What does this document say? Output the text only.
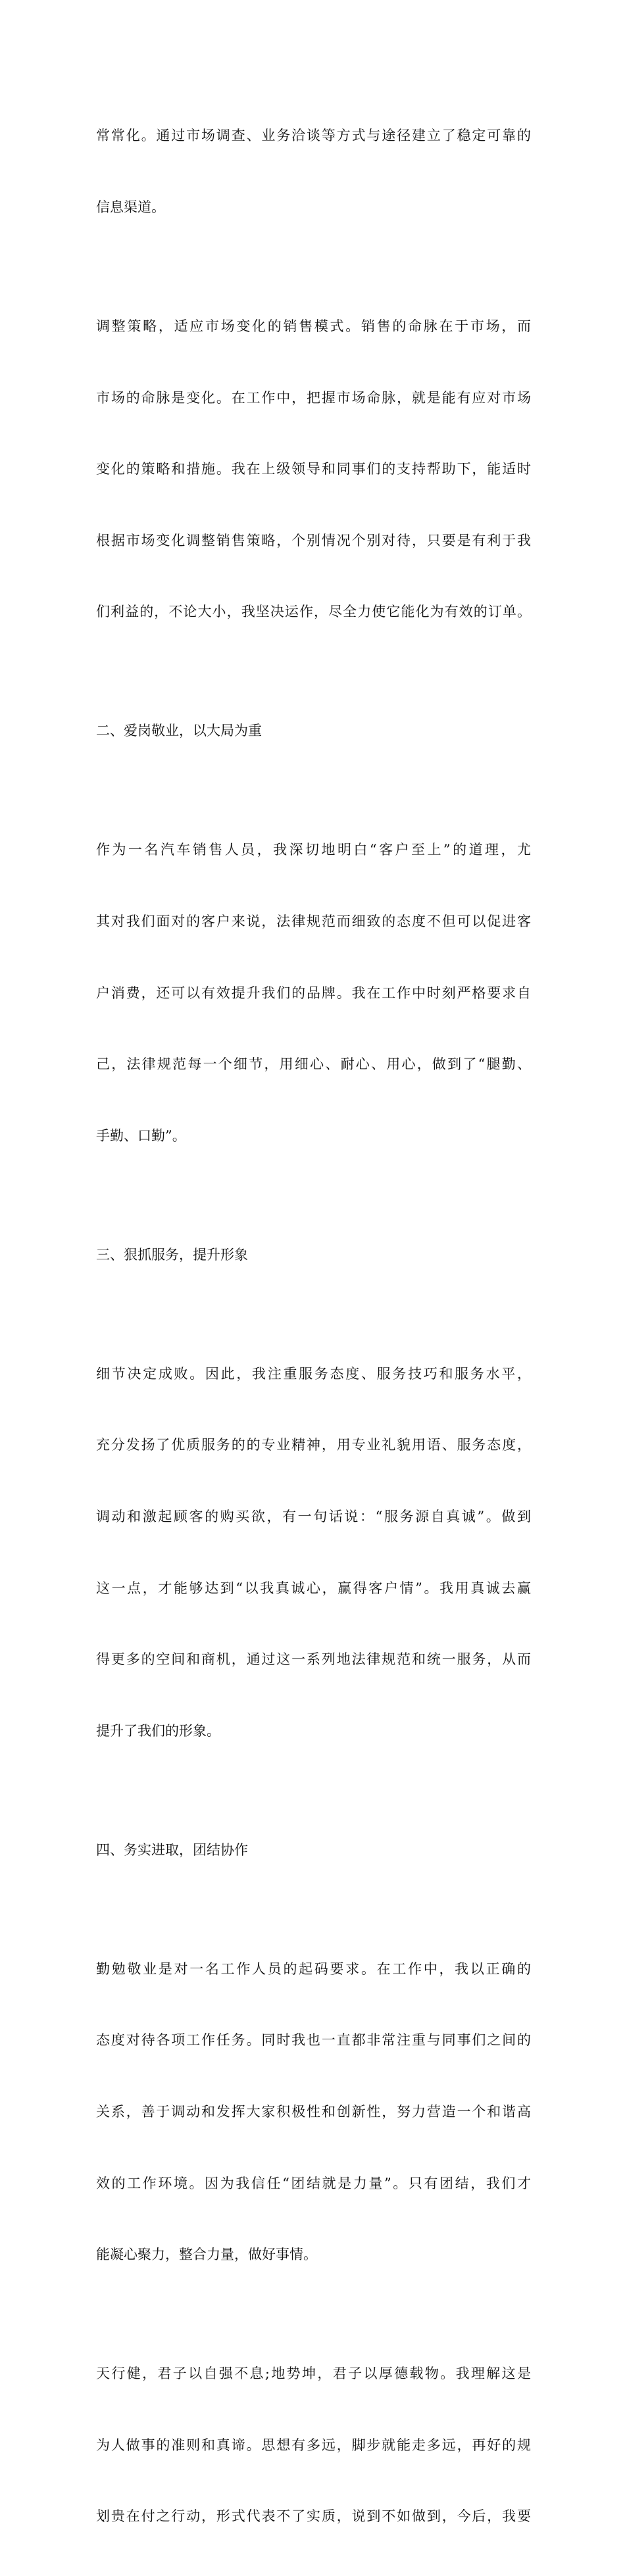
常常化。通过市场调查、业务洽谈等方式与途径建立了稳定可靠的

信息渠道。

调整策略，适应市场变化的销售模式。销售的命脉在于市场，而

市场的命脉是变化。在工作中，把握市场命脉，就是能有应对市场

变化的策略和措施。我在上级领导和同事们的支持帮助下，能适时

根据市场变化调整销售策略，个别情况个别对待，只要是有利于我

们利益的，不论大小，我坚决运作，尽全力使它能化为有效的订单。

二、爱岗敬业，以大局为重

作为一名汽车销售人员，我深切地明白“客户至上”的道理，尤

其对我们面对的客户来说，法律规范而细致的态度不但可以促进客

户消费，还可以有效提升我们的品牌。我在工作中时刻严格要求自

己，法律规范每一个细节，用细心、耐心、用心，做到了“腿勤、

手勤、口勤”。

三、狠抓服务，提升形象

细节决定成败。因此，我注重服务态度、服务技巧和服务水平，

充分发扬了优质服务的的专业精神，用专业礼貌用语、服务态度，

调动和激起顾客的购买欲，有一句话说：“服务源自真诚”。做到

这一点，才能够达到“以我真诚心，赢得客户情”。我用真诚去赢

得更多的空间和商机，通过这一系列地法律规范和统一服务，从而

提升了我们的形象。

四、务实进取，团结协作

勤勉敬业是对一名工作人员的起码要求。在工作中，我以正确的

态度对待各项工作任务。同时我也一直都非常注重与同事们之间的

关系，善于调动和发挥大家积极性和创新性，努力营造一个和谐高

效的工作环境。因为我信任“团结就是力量”。只有团结，我们才

能凝心聚力，整合力量，做好事情。

天行健，君子以自强不息;地势坤，君子以厚德载物。我理解这是

为人做事的准则和真谛。思想有多远，脚步就能走多远，再好的规

划贵在付之行动，形式代表不了实质，说到不如做到，今后，我要
